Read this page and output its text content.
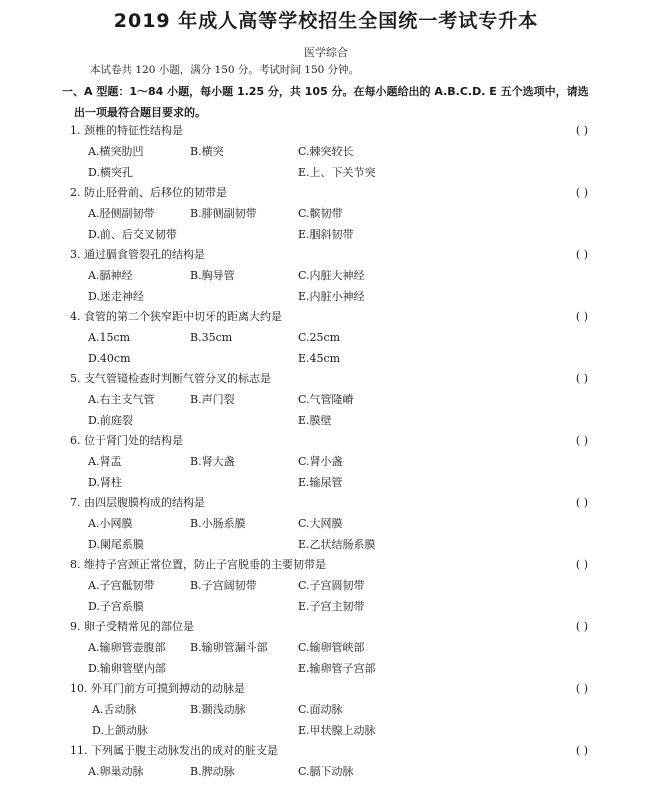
2019 年成人高等学校招生全国统一考试专升本
医学综合
本试卷共 120 小题，满分 150 分。考试时间 150 分钟。
一、A 型题：1～84 小题，每小题 1.25 分，共 105 分。在每小题给出的 A.B.C.D. E 五个选项中，请选
出一项最符合题目要求的。
1. 颈椎的特征性结构是	( )
A.横突肋凹	B.横突	C.棘突较长
D.横突孔	E.上、下关节突
2. 防止胫骨前、后移位的韧带是	( )
A.胫侧副韧带	B.腓侧副韧带	C.髌韧带
D.前、后交叉韧带	E.腘斜韧带
3. 通过膈食管裂孔的结构是	( )
A.膈神经	B.胸导管	C.内脏大神经
D.迷走神经	E.内脏小神经
4. 食管的第二个狭窄距中切牙的距离大约是	( )
A.15cm	B.35cm	C.25cm
D.40cm	E.45cm
5. 支气管镜检查时判断气管分叉的标志是	( )
A.右主支气管	B.声门裂	C.气管隆嵴
D.前庭裂	E.膜壁
6. 位于肾门处的结构是	( )
A.肾盂	B.肾大盏	C.肾小盏
D.肾柱	E.输尿管
7. 由四层腹膜构成的结构是	( )
A.小网膜	B.小肠系膜	C.大网膜
D.阑尾系膜	E.乙状结肠系膜
8. 维持子宫颈正常位置，防止子宫脱垂的主要韧带是	( )
A.子宫骶韧带	B.子宫阔韧带	C.子宫圆韧带
D.子宫系膜	E.子宫主韧带
9. 卵子受精常见的部位是	( )
A.输卵管壶腹部 B.输卵管漏斗部	C.输卵管峡部
D.输卵管壁内部	E.输卵管子宫部
10. 外耳门前方可摸到搏动的动脉是	( )
A.舌动脉	B.颞浅动脉	C.面动脉
D.上颌动脉	E.甲状腺上动脉
11. 下列属于腹主动脉发出的成对的脏支是	( )
A.卵巢动脉	B.脾动脉	C.膈下动脉
